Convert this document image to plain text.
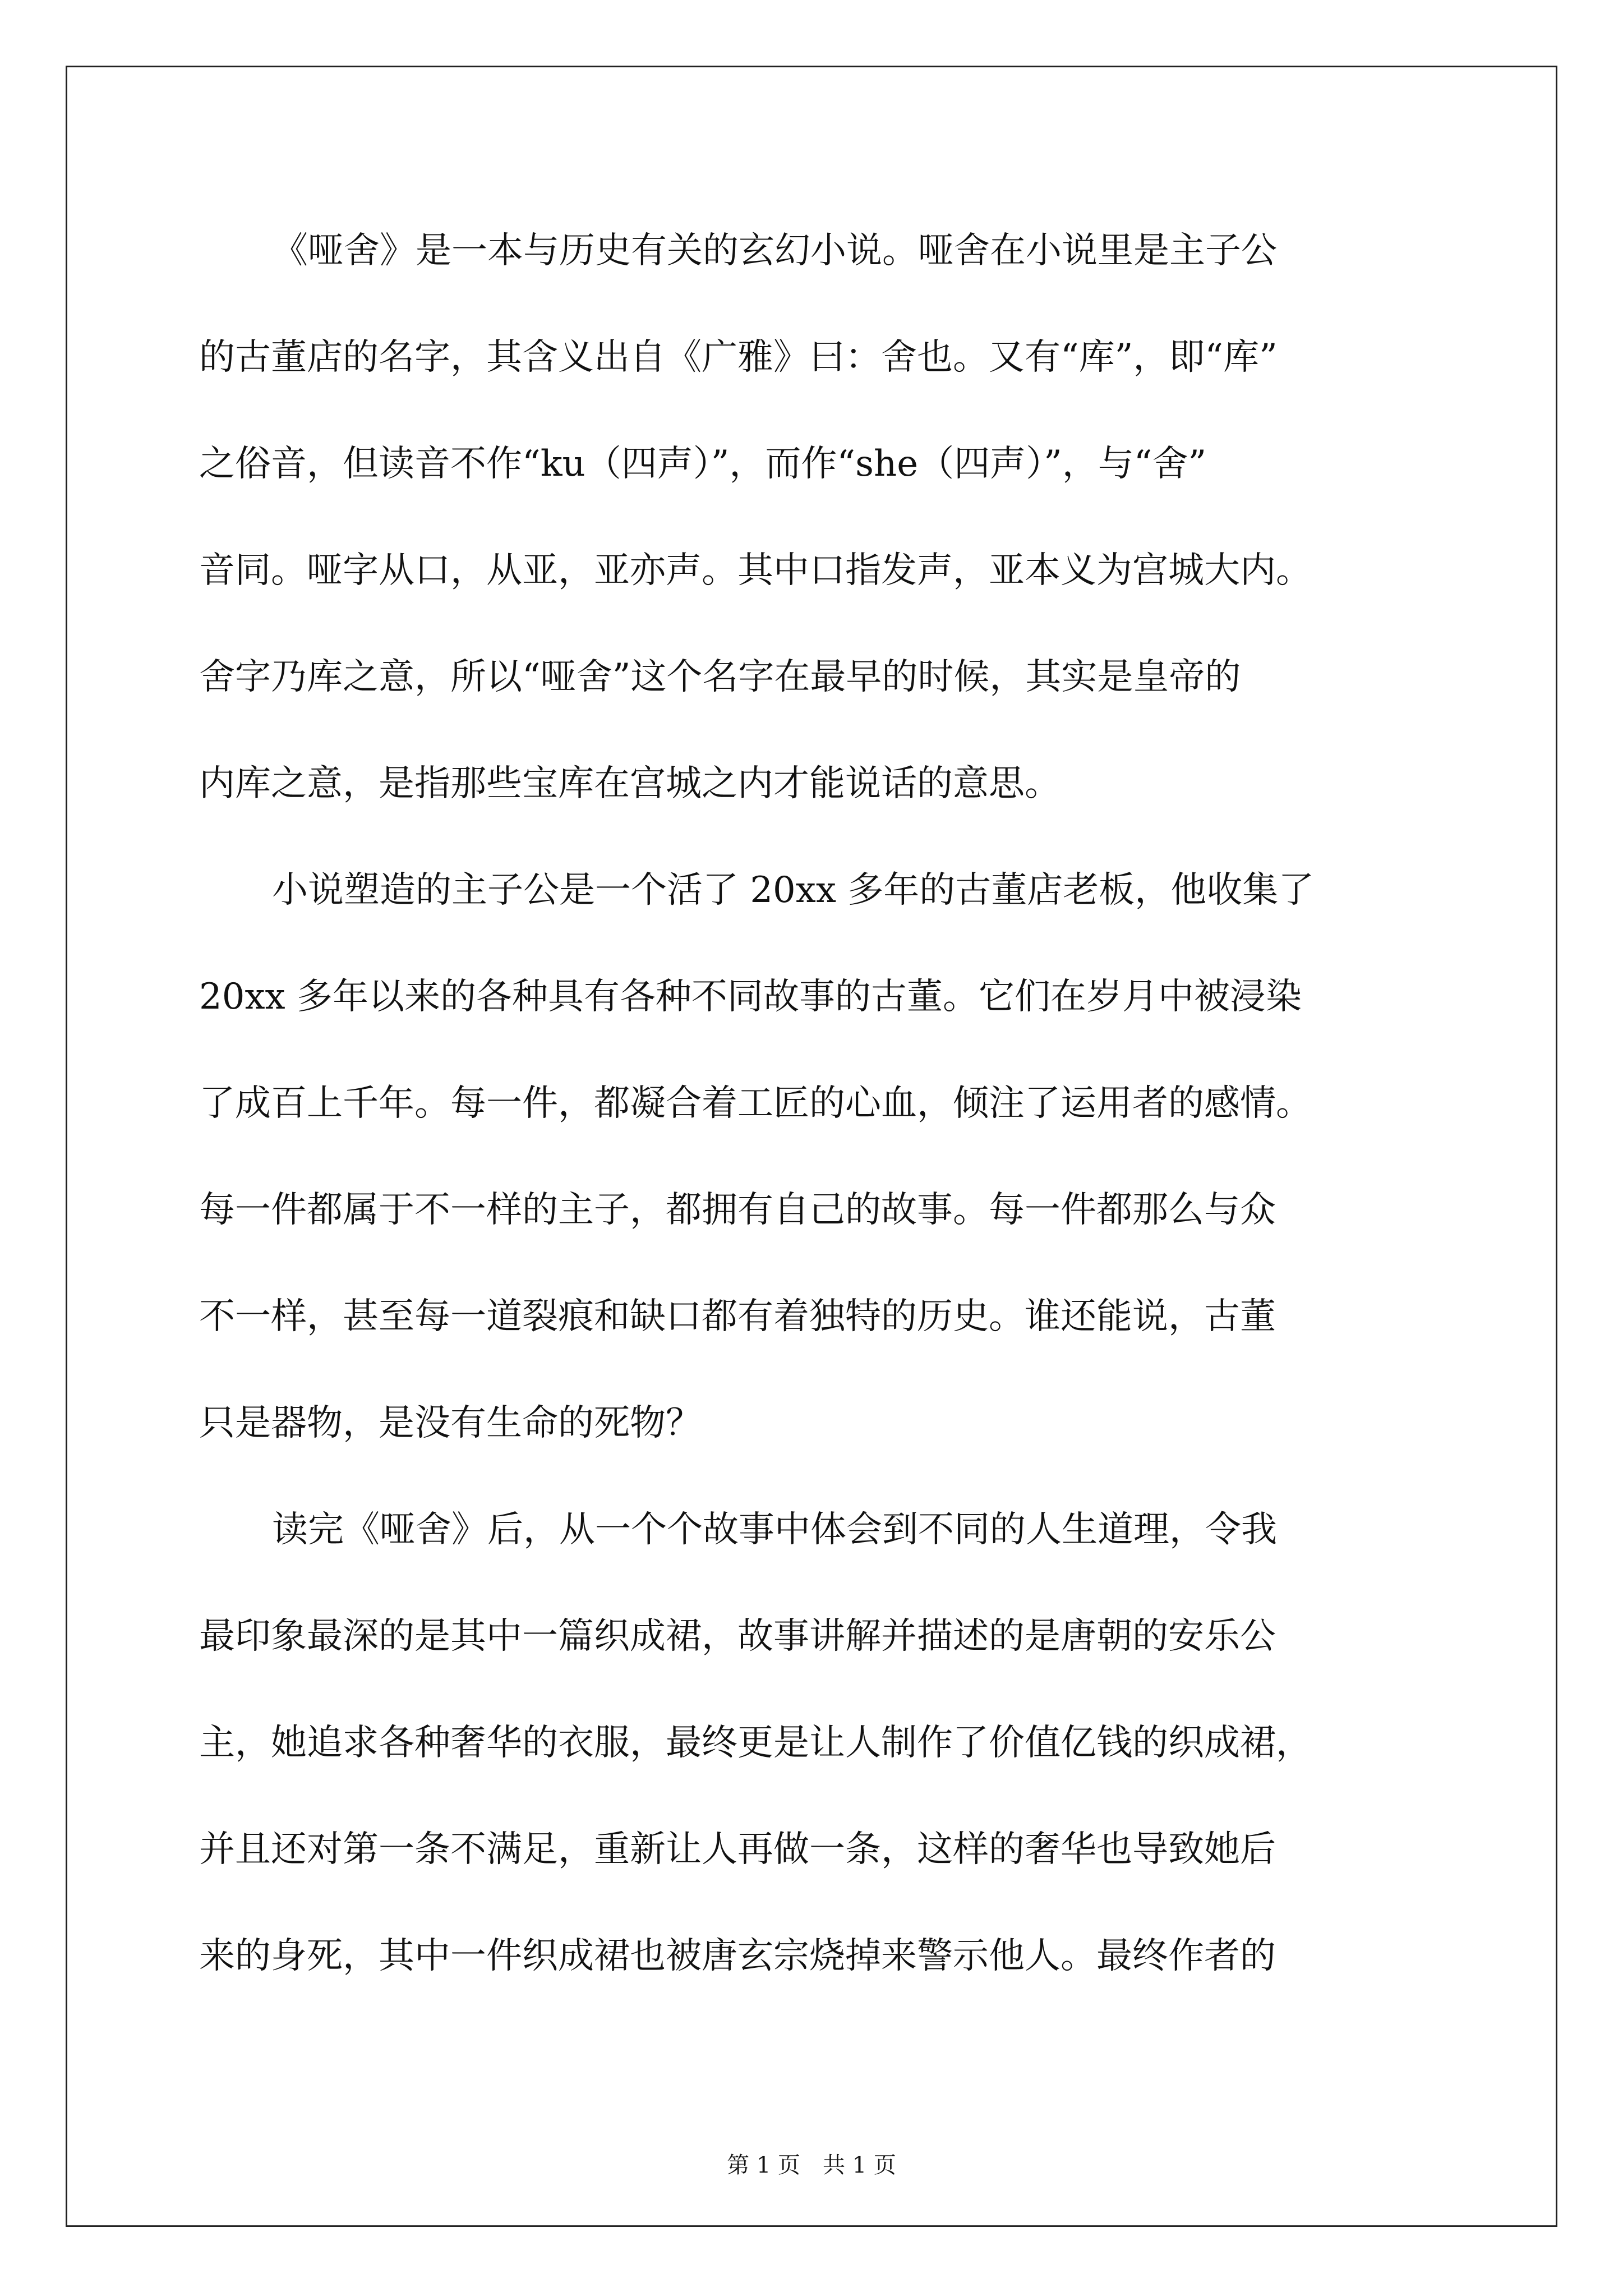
《哑舍》是一本与历史有关的玄幻小说。哑舍在小说里是主子公
的古董店的名字，其含义出自《广雅》曰：舍也。又有“库”，即“库”
之俗音，但读音不作“ku（四声）”，而作“she（四声）”，与“舍”
音同。哑字从口，从亚，亚亦声。其中口指发声，亚本义为宫城大内。
舍字乃库之意，所以“哑舍”这个名字在最早的时候，其实是皇帝的
内库之意，是指那些宝库在宫城之内才能说话的意思。
小说塑造的主子公是一个活了 20xx 多年的古董店老板，他收集了
20xx 多年以来的各种具有各种不同故事的古董。它们在岁月中被浸染
了成百上千年。每一件，都凝合着工匠的心血，倾注了运用者的感情。
每一件都属于不一样的主子，都拥有自己的故事。每一件都那么与众
不一样，甚至每一道裂痕和缺口都有着独特的历史。谁还能说，古董
只是器物，是没有生命的死物？
读完《哑舍》后，从一个个故事中体会到不同的人生道理，令我
最印象最深的是其中一篇织成裙，故事讲解并描述的是唐朝的安乐公
主，她追求各种奢华的衣服，最终更是让人制作了价值亿钱的织成裙，
并且还对第一条不满足，重新让人再做一条，这样的奢华也导致她后
来的身死，其中一件织成裙也被唐玄宗烧掉来警示他人。最终作者的
第 1 页　共 1 页
